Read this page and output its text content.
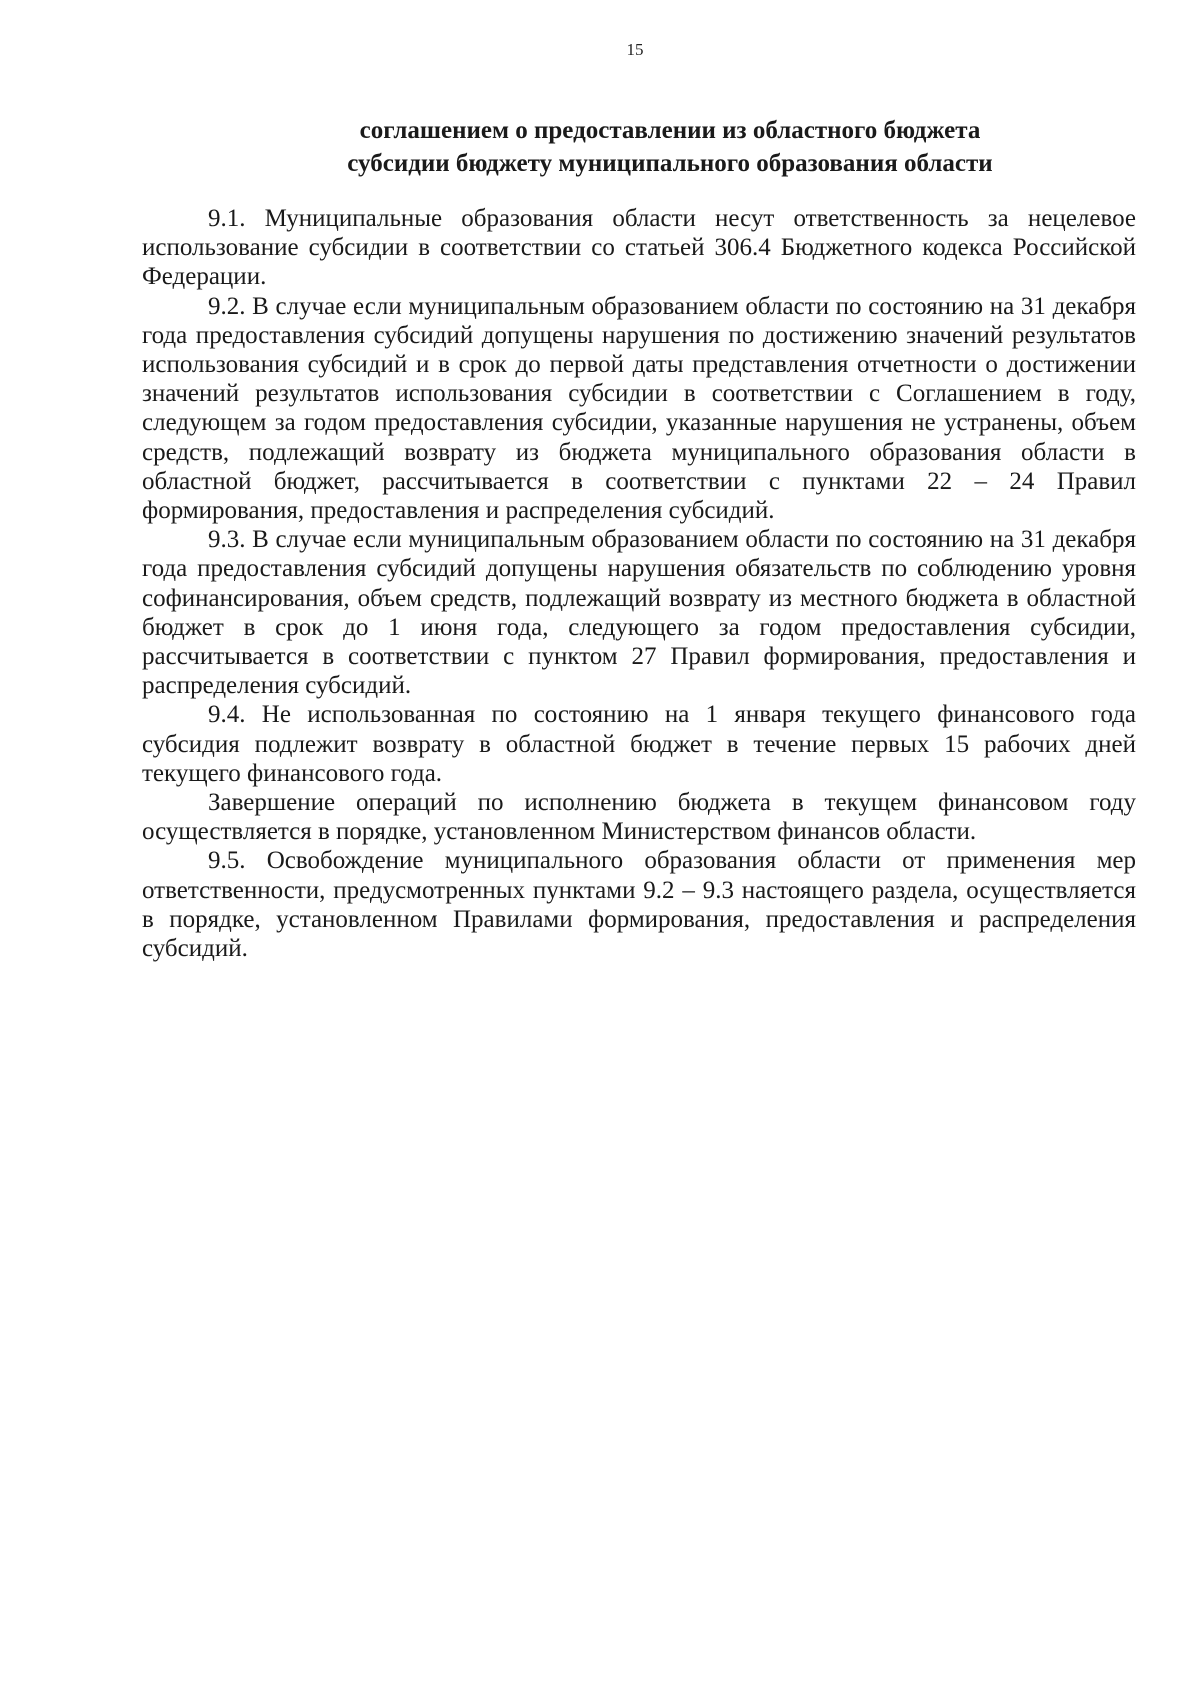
15
соглашением о предоставлении из областного бюджета
субсидии бюджету муниципального образования области

9.1. Муниципальные образования области несут ответственность за нецелевое использование субсидии в соответствии со статьей 306.4 Бюджетного кодекса Российской Федерации.

9.2. В случае если муниципальным образованием области по состоянию на 31 декабря года предоставления субсидий допущены нарушения по достижению значений результатов использования субсидий и в срок до первой даты представления отчетности о достижении значений результатов использования субсидии в соответствии с Соглашением в году, следующем за годом предоставления субсидии, указанные нарушения не устранены, объем средств, подлежащий возврату из бюджета муниципального образования области в областной бюджет, рассчитывается в соответствии с пунктами 22 – 24 Правил формирования, предоставления и распределения субсидий.

9.3. В случае если муниципальным образованием области по состоянию на 31 декабря года предоставления субсидий допущены нарушения обязательств по соблюдению уровня софинансирования, объем средств, подлежащий возврату из местного бюджета в областной бюджет в срок до 1 июня года, следующего за годом предоставления субсидии, рассчитывается в соответствии с пунктом 27 Правил формирования, предоставления и распределения субсидий.

9.4. Не использованная по состоянию на 1 января текущего финансового года субсидия подлежит возврату в областной бюджет в течение первых 15 рабочих дней текущего финансового года.

Завершение операций по исполнению бюджета в текущем финансовом году осуществляется в порядке, установленном Министерством финансов области.

9.5. Освобождение муниципального образования области от применения мер ответственности, предусмотренных пунктами 9.2 – 9.3 настоящего раздела, осуществляется в порядке, установленном Правилами формирования, предоставления и распределения субсидий.
